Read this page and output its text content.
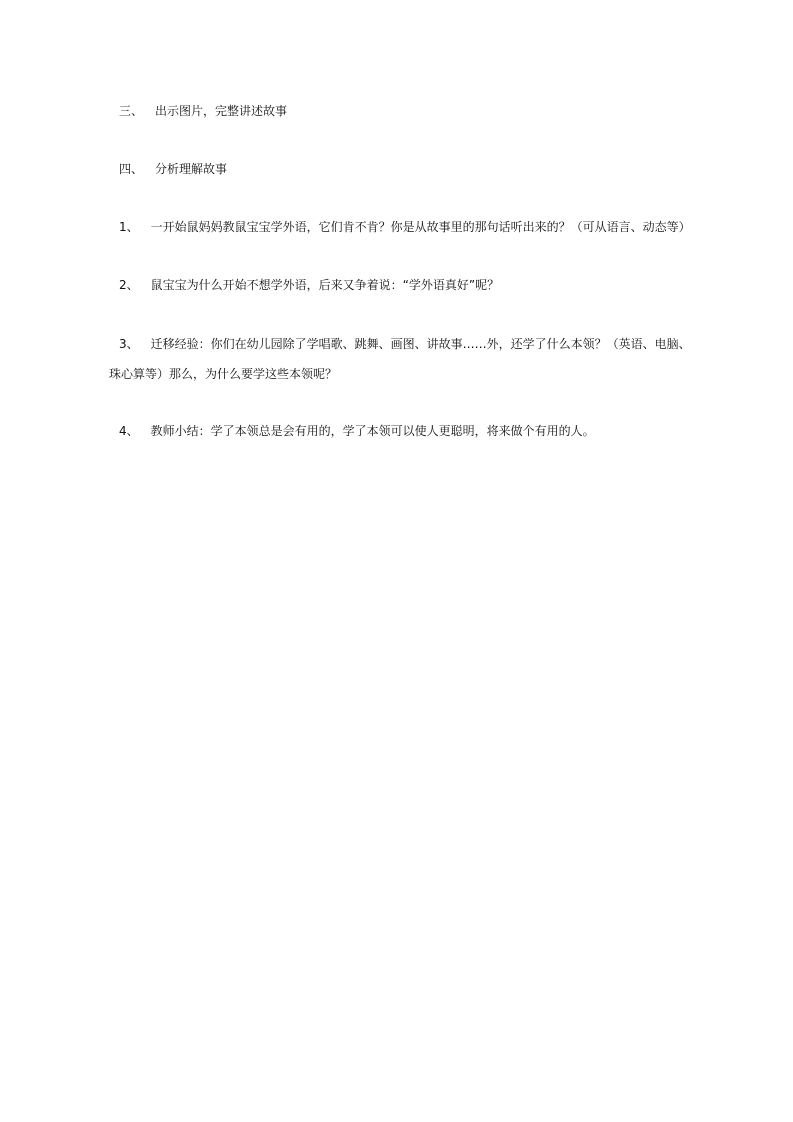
三、 出示图片，完整讲述故事
四、 分析理解故事
1、 一开始鼠妈妈教鼠宝宝学外语，它们肯不肯？你是从故事里的那句话听出来的？（可从语言、动态等）
2、 鼠宝宝为什么开始不想学外语，后来又争着说：“学外语真好”呢？
3、 迁移经验：你们在幼儿园除了学唱歌、跳舞、画图、讲故事……外，还学了什么本领？（英语、电脑、
珠心算等）那么，为什么要学这些本领呢？
4、 教师小结：学了本领总是会有用的，学了本领可以使人更聪明，将来做个有用的人。
